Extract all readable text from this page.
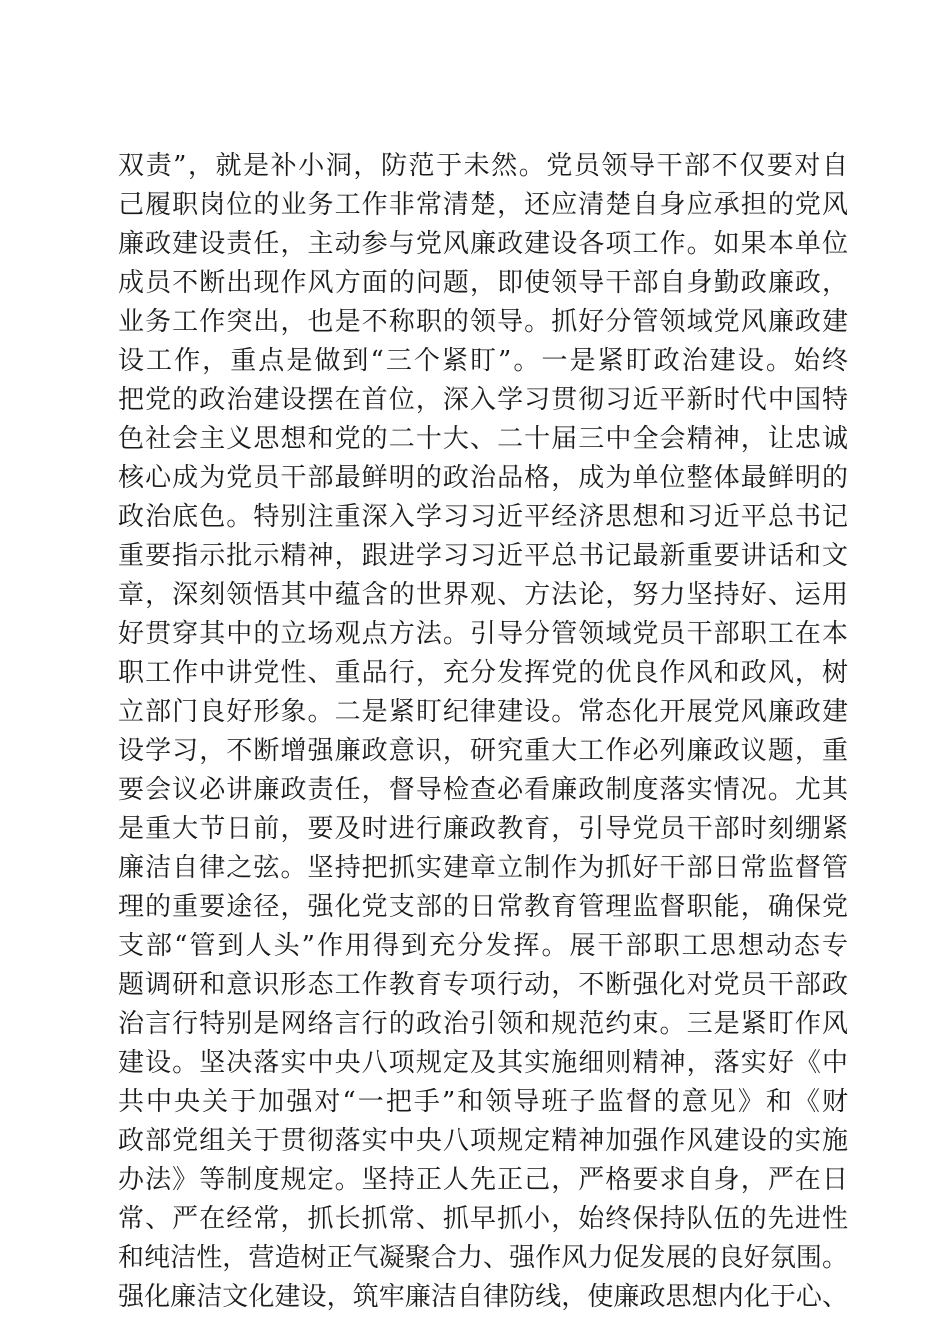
双责”，就是补小洞，防范于未然。党员领导干部不仅要对自
己履职岗位的业务工作非常清楚，还应清楚自身应承担的党风
廉政建设责任，主动参与党风廉政建设各项工作。如果本单位
成员不断出现作风方面的问题，即使领导干部自身勤政廉政，
业务工作突出，也是不称职的领导。抓好分管领域党风廉政建
设工作，重点是做到“三个紧盯”。一是紧盯政治建设。始终
把党的政治建设摆在首位，深入学习贯彻习近平新时代中国特
色社会主义思想和党的二十大、二十届三中全会精神，让忠诚
核心成为党员干部最鲜明的政治品格，成为单位整体最鲜明的
政治底色。特别注重深入学习习近平经济思想和习近平总书记
重要指示批示精神，跟进学习习近平总书记最新重要讲话和文
章，深刻领悟其中蕴含的世界观、方法论，努力坚持好、运用
好贯穿其中的立场观点方法。引导分管领域党员干部职工在本
职工作中讲党性、重品行，充分发挥党的优良作风和政风，树
立部门良好形象。二是紧盯纪律建设。常态化开展党风廉政建
设学习，不断增强廉政意识，研究重大工作必列廉政议题，重
要会议必讲廉政责任，督导检查必看廉政制度落实情况。尤其
是重大节日前，要及时进行廉政教育，引导党员干部时刻绷紧
廉洁自律之弦。坚持把抓实建章立制作为抓好干部日常监督管
理的重要途径，强化党支部的日常教育管理监督职能，确保党
支部“管到人头”作用得到充分发挥。展干部职工思想动态专
题调研和意识形态工作教育专项行动，不断强化对党员干部政
治言行特别是网络言行的政治引领和规范约束。三是紧盯作风
建设。坚决落实中央八项规定及其实施细则精神，落实好《中
共中央关于加强对“一把手”和领导班子监督的意见》和《财
政部党组关于贯彻落实中央八项规定精神加强作风建设的实施
办法》等制度规定。坚持正人先正己，严格要求自身，严在日
常、严在经常，抓长抓常、抓早抓小，始终保持队伍的先进性
和纯洁性，营造树正气凝聚合力、强作风力促发展的良好氛围。
强化廉洁文化建设，筑牢廉洁自律防线，使廉政思想内化于心、
